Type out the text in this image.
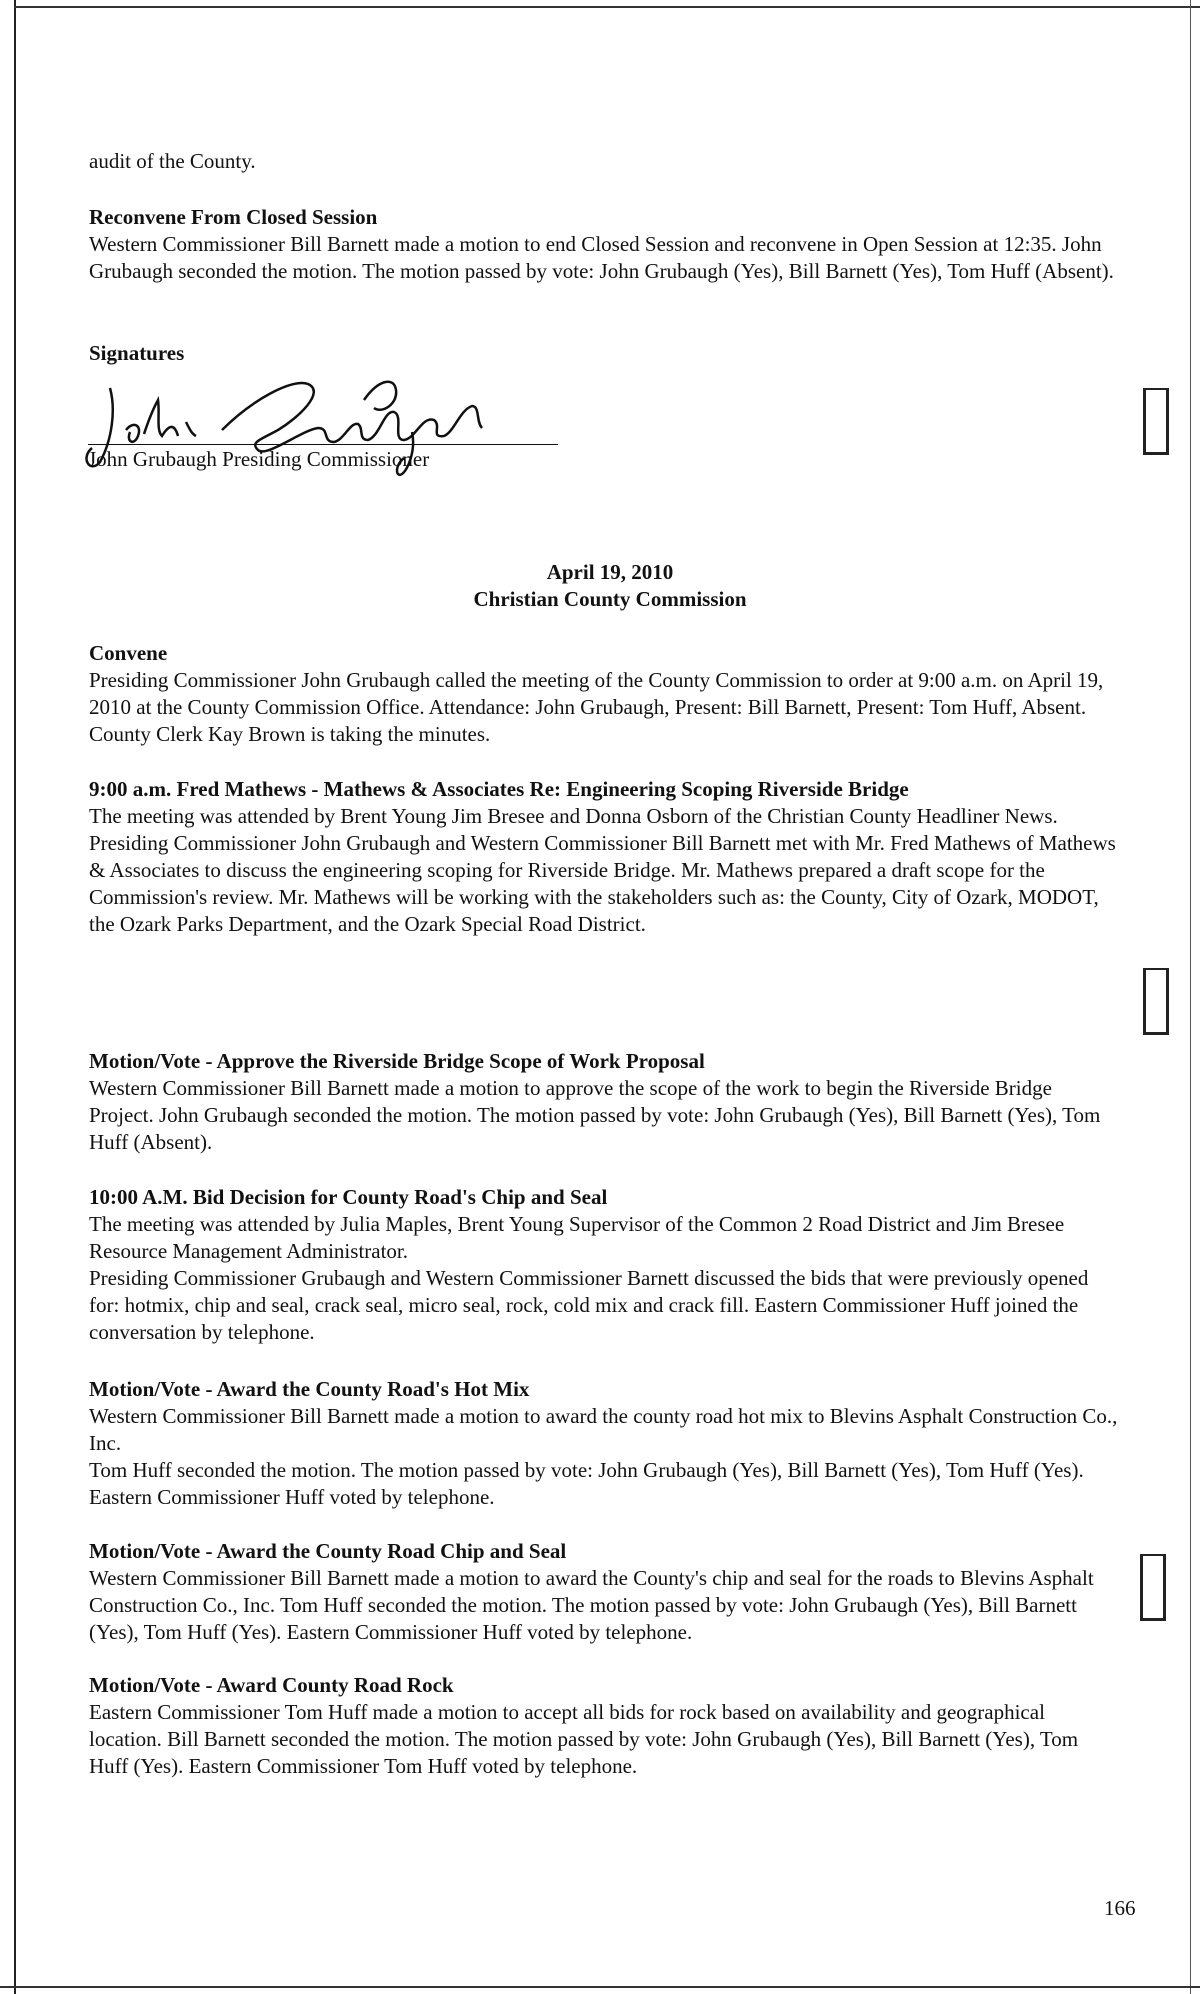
audit of the County.
Reconvene From Closed Session

Western Commissioner Bill Barnett made a motion to end Closed Session and reconvene in Open Session at 12:35. John Grubaugh seconded the motion. The motion passed by vote: John Grubaugh (Yes), Bill Barnett (Yes), Tom Huff (Absent).

Signatures
John Grubaugh Presiding Commissioner
April 19, 2010
Christian County Commission
Convene

Presiding Commissioner John Grubaugh called the meeting of the County Commission to order at 9:00 a.m. on April 19, 2010 at the County Commission Office. Attendance: John Grubaugh, Present: Bill Barnett, Present: Tom Huff, Absent. County Clerk Kay Brown is taking the minutes.

9:00 a.m. Fred Mathews - Mathews & Associates Re: Engineering Scoping Riverside Bridge

The meeting was attended by Brent Young Jim Bresee and Donna Osborn of the Christian County Headliner News.

Presiding Commissioner John Grubaugh and Western Commissioner Bill Barnett met with Mr. Fred Mathews of Mathews & Associates to discuss the engineering scoping for Riverside Bridge. Mr. Mathews prepared a draft scope for the Commission's review. Mr. Mathews will be working with the stakeholders such as: the County, City of Ozark, MODOT, the Ozark Parks Department, and the Ozark Special Road District.

Motion/Vote - Approve the Riverside Bridge Scope of Work Proposal

Western Commissioner Bill Barnett made a motion to approve the scope of the work to begin the Riverside Bridge Project. John Grubaugh seconded the motion. The motion passed by vote: John Grubaugh (Yes), Bill Barnett (Yes), Tom Huff (Absent).

10:00 A.M. Bid Decision for County Road's Chip and Seal

The meeting was attended by Julia Maples, Brent Young Supervisor of the Common 2 Road District and Jim Bresee Resource Management Administrator.

Presiding Commissioner Grubaugh and Western Commissioner Barnett discussed the bids that were previously opened for: hotmix, chip and seal, crack seal, micro seal, rock, cold mix and crack fill. Eastern Commissioner Huff joined the conversation by telephone.

Motion/Vote - Award the County Road's Hot Mix

Western Commissioner Bill Barnett made a motion to award the county road hot mix to Blevins Asphalt Construction Co., Inc.

Tom Huff seconded the motion. The motion passed by vote: John Grubaugh (Yes), Bill Barnett (Yes), Tom Huff (Yes). Eastern Commissioner Huff voted by telephone.

Motion/Vote - Award the County Road Chip and Seal

Western Commissioner Bill Barnett made a motion to award the County's chip and seal for the roads to Blevins Asphalt Construction Co., Inc. Tom Huff seconded the motion. The motion passed by vote: John Grubaugh (Yes), Bill Barnett (Yes), Tom Huff (Yes). Eastern Commissioner Huff voted by telephone.

Motion/Vote - Award County Road Rock

Eastern Commissioner Tom Huff made a motion to accept all bids for rock based on availability and geographical location. Bill Barnett seconded the motion. The motion passed by vote: John Grubaugh (Yes), Bill Barnett (Yes), Tom Huff (Yes). Eastern Commissioner Tom Huff voted by telephone.

166
